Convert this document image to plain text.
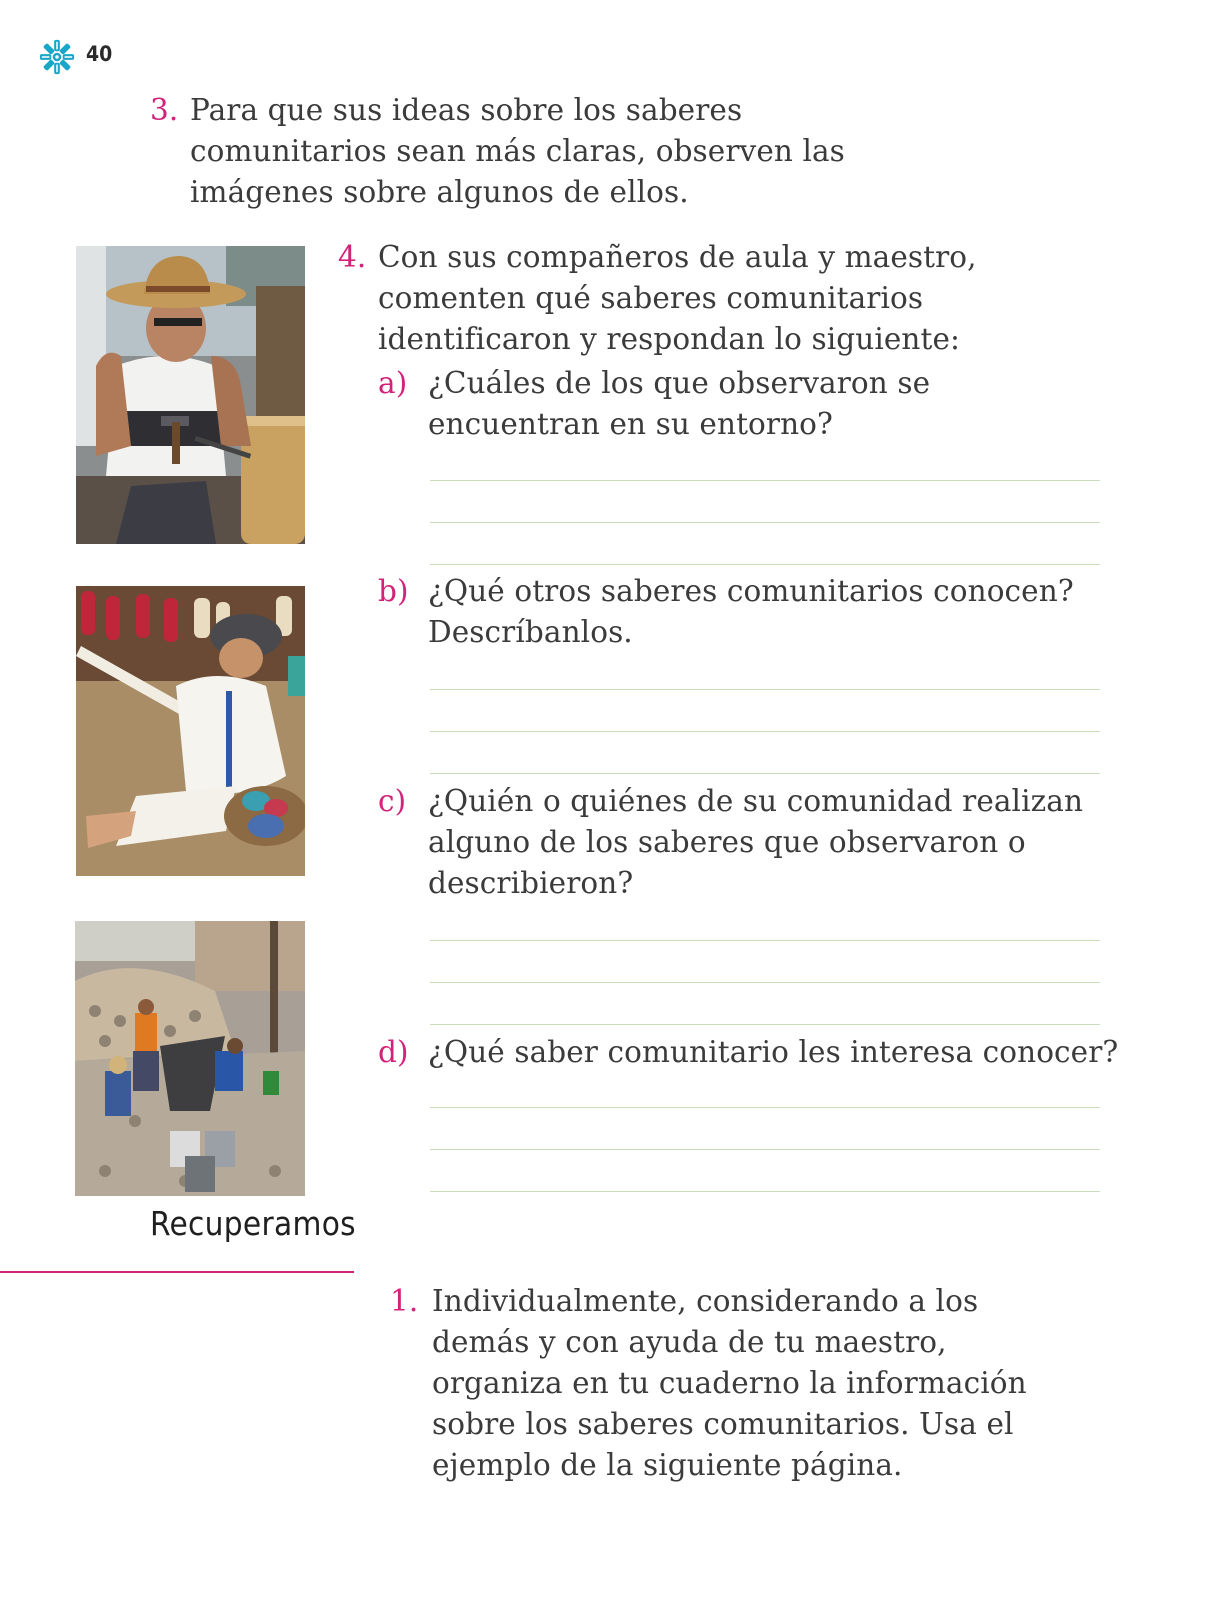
40
3. Para que sus ideas sobre los saberes
comunitarios sean más claras, observen las
imágenes sobre algunos de ellos.
4. Con sus compañeros de aula y maestro,
comenten qué saberes comunitarios
identificaron y respondan lo siguiente:
a) ¿Cuáles de los que observaron se
encuentran en su entorno?
b) ¿Qué otros saberes comunitarios conocen?
Descríbanlos.
c) ¿Quién o quiénes de su comunidad realizan
alguno de los saberes que observaron o
describieron?
d) ¿Qué saber comunitario les interesa conocer?
Recuperamos
1. Individualmente, considerando a los
demás y con ayuda de tu maestro,
organiza en tu cuaderno la información
sobre los saberes comunitarios. Usa el
ejemplo de la siguiente página.
